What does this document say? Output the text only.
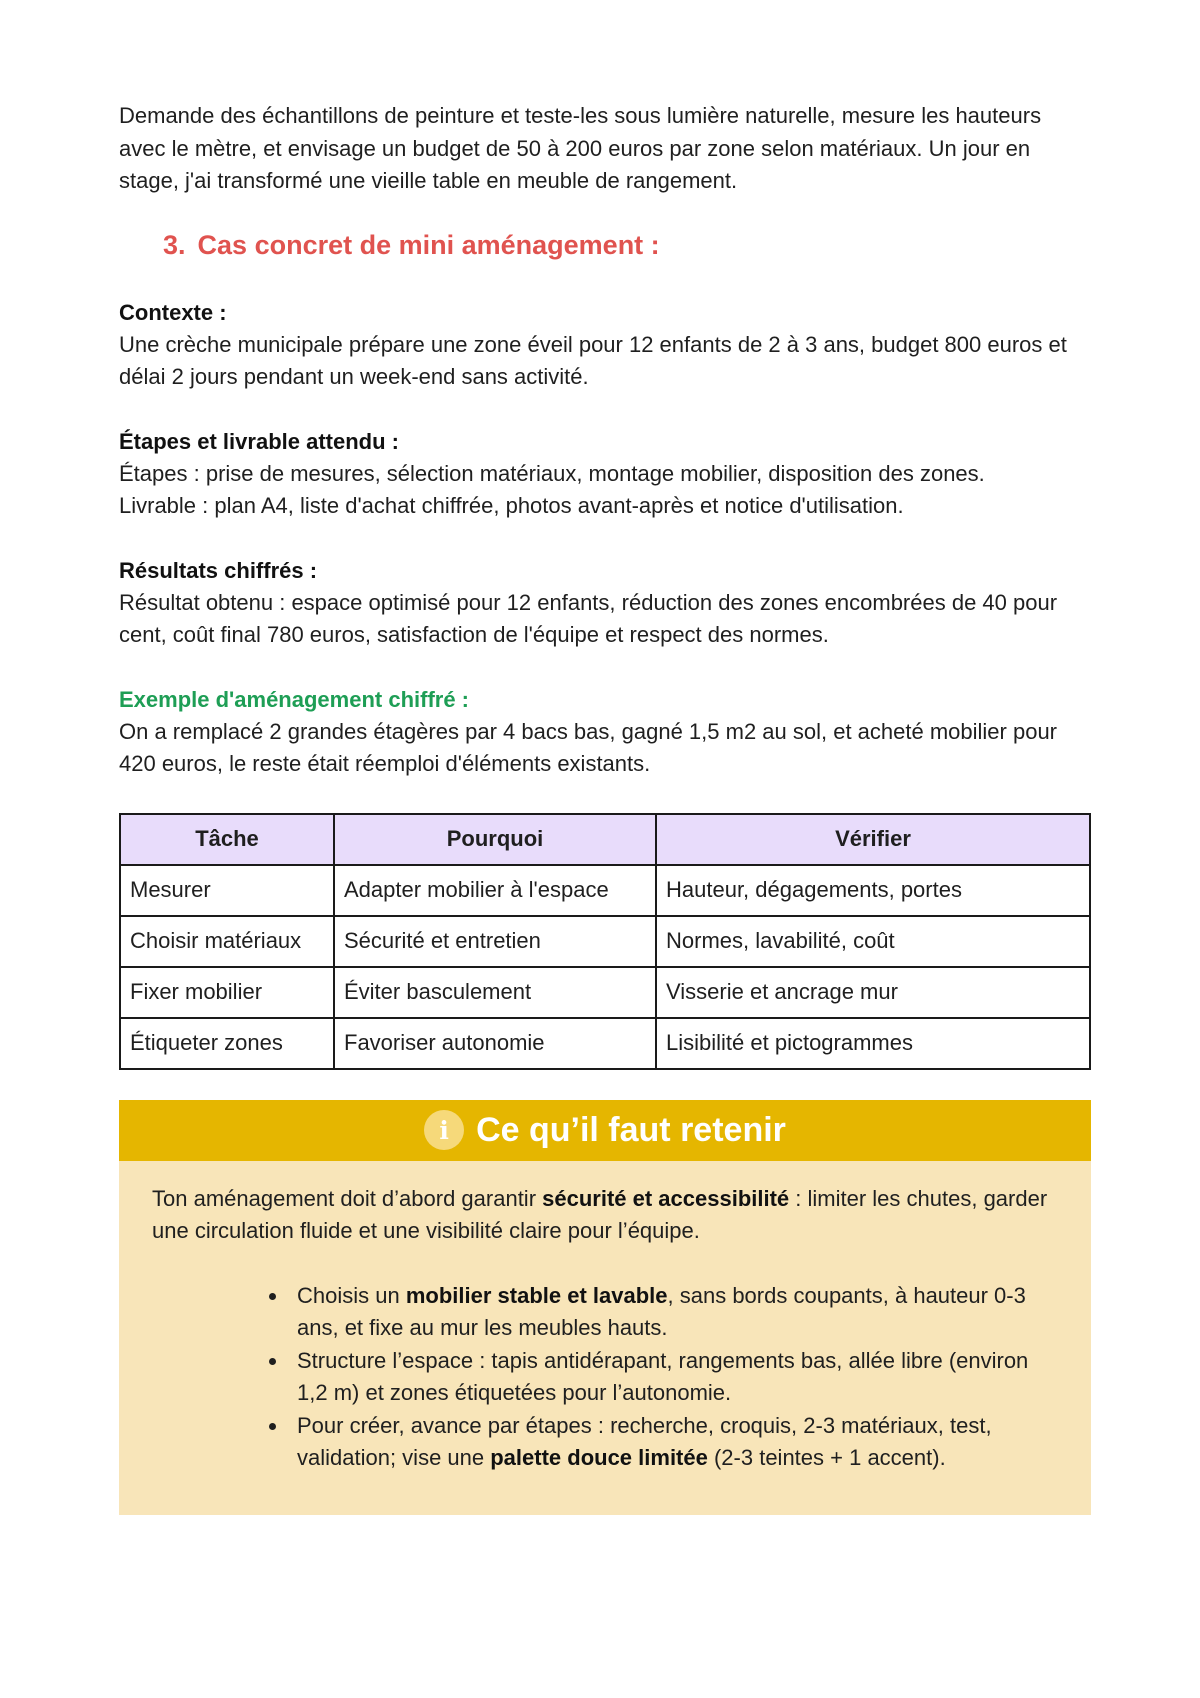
Demande des échantillons de peinture et teste-les sous lumière naturelle, mesure les hauteurs avec le mètre, et envisage un budget de 50 à 200 euros par zone selon matériaux. Un jour en stage, j'ai transformé une vieille table en meuble de rangement.

3. Cas concret de mini aménagement :
Contexte :

Une crèche municipale prépare une zone éveil pour 12 enfants de 2 à 3 ans, budget 800 euros et délai 2 jours pendant un week-end sans activité.

Étapes et livrable attendu :

Étapes : prise de mesures, sélection matériaux, montage mobilier, disposition des zones.

Livrable : plan A4, liste d'achat chiffrée, photos avant-après et notice d'utilisation.

Résultats chiffrés :

Résultat obtenu : espace optimisé pour 12 enfants, réduction des zones encombrées de 40 pour cent, coût final 780 euros, satisfaction de l'équipe et respect des normes.

Exemple d'aménagement chiffré :

On a remplacé 2 grandes étagères par 4 bacs bas, gagné 1,5 m2 au sol, et acheté mobilier pour 420 euros, le reste était réemploi d'éléments existants.

Tâche	Pourquoi	Vérifier
Mesurer	Adapter mobilier à l'espace	Hauteur, dégagements, portes
Choisir matériaux	Sécurité et entretien	Normes, lavabilité, coût
Fixer mobilier	Éviter basculement	Visserie et ancrage mur
Étiqueter zones	Favoriser autonomie	Lisibilité et pictogrammes
i Ce qu’il faut retenir

Ton aménagement doit d’abord garantir sécurité et accessibilité : limiter les chutes, garder une circulation fluide et une visibilité claire pour l’équipe.

• Choisis un mobilier stable et lavable, sans bords coupants, à hauteur 0-3 ans, et fixe au mur les meubles hauts.
• Structure l’espace : tapis antidérapant, rangements bas, allée libre (environ 1,2 m) et zones étiquetées pour l’autonomie.
• Pour créer, avance par étapes : recherche, croquis, 2-3 matériaux, test, validation; vise une palette douce limitée (2-3 teintes + 1 accent).
